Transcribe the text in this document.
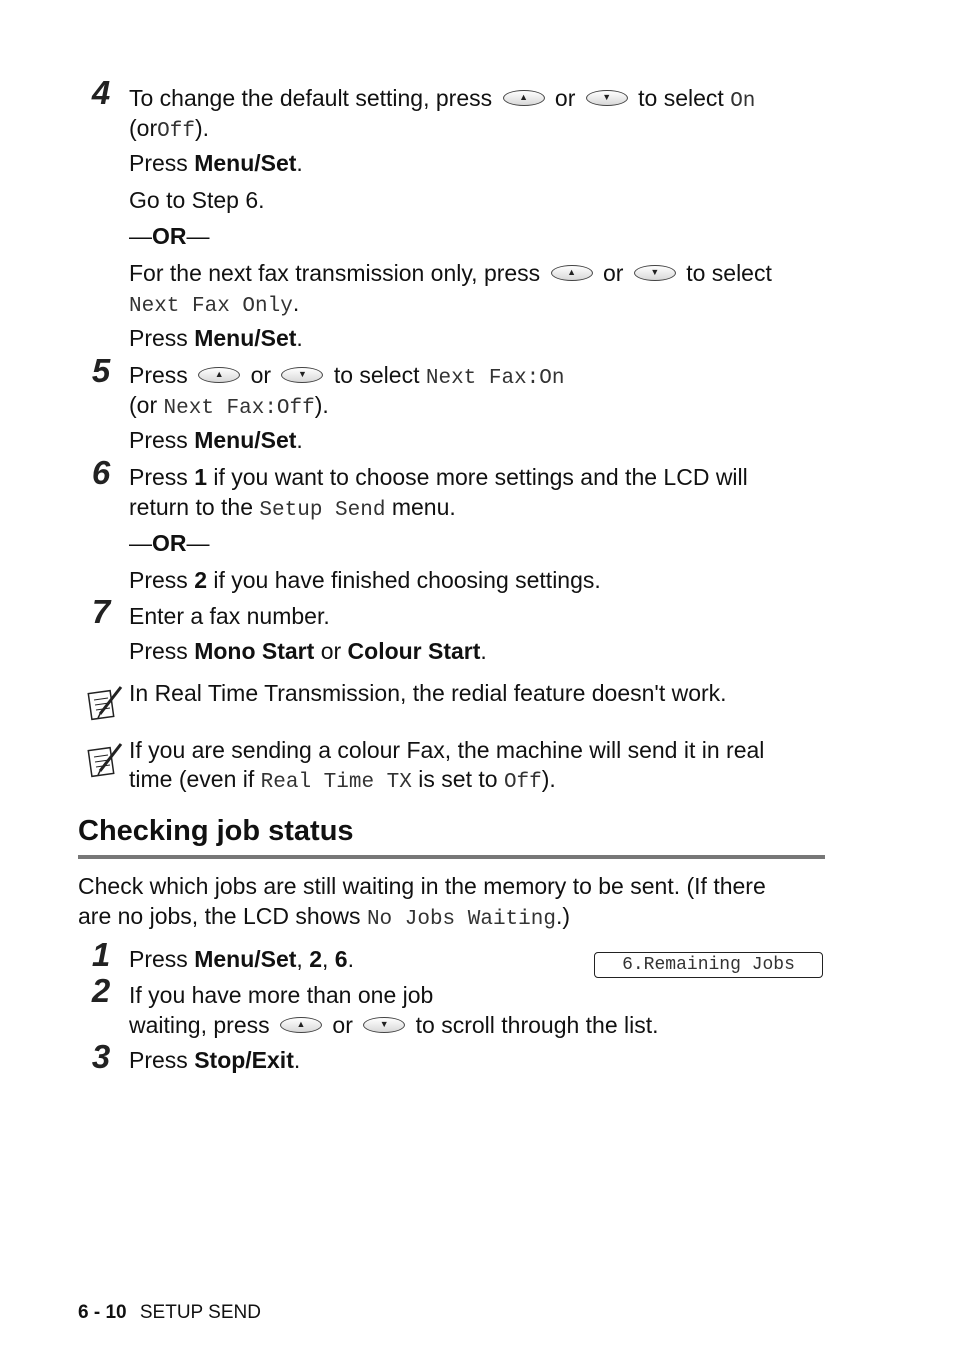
4 To change the default setting, press	▲	or	▼	to select On
(orOff).
Press Menu/Set.
Go to Step 6.
—OR—
For the next fax transmission only, press	▲	or	▼	to select
Next Fax Only.
Press Menu/Set.
5 Press	▲	or	▼	to select Next Fax:On
(or Next Fax:Off).
Press Menu/Set.
6 Press 1 if you want to choose more settings and the LCD will
return to the Setup Send menu.
—OR—
Press 2 if you have finished choosing settings.
7 Enter a fax number.
Press Mono Start or Colour Start.
In Real Time Transmission, the redial feature doesn't work.
If you are sending a colour Fax, the machine will send it in real
time (even if Real Time TX is set to Off).
Checking job status
Check which jobs are still waiting in the memory to be sent. (If there
are no jobs, the LCD shows No Jobs Waiting.)
1 Press Menu/Set, 2, 6.	6.Remaining Jobs
2 If you have more than one job
waiting, press	▲	or	▼	to scroll through the list.
3 Press Stop/Exit.
6 - 10 SETUP SEND
